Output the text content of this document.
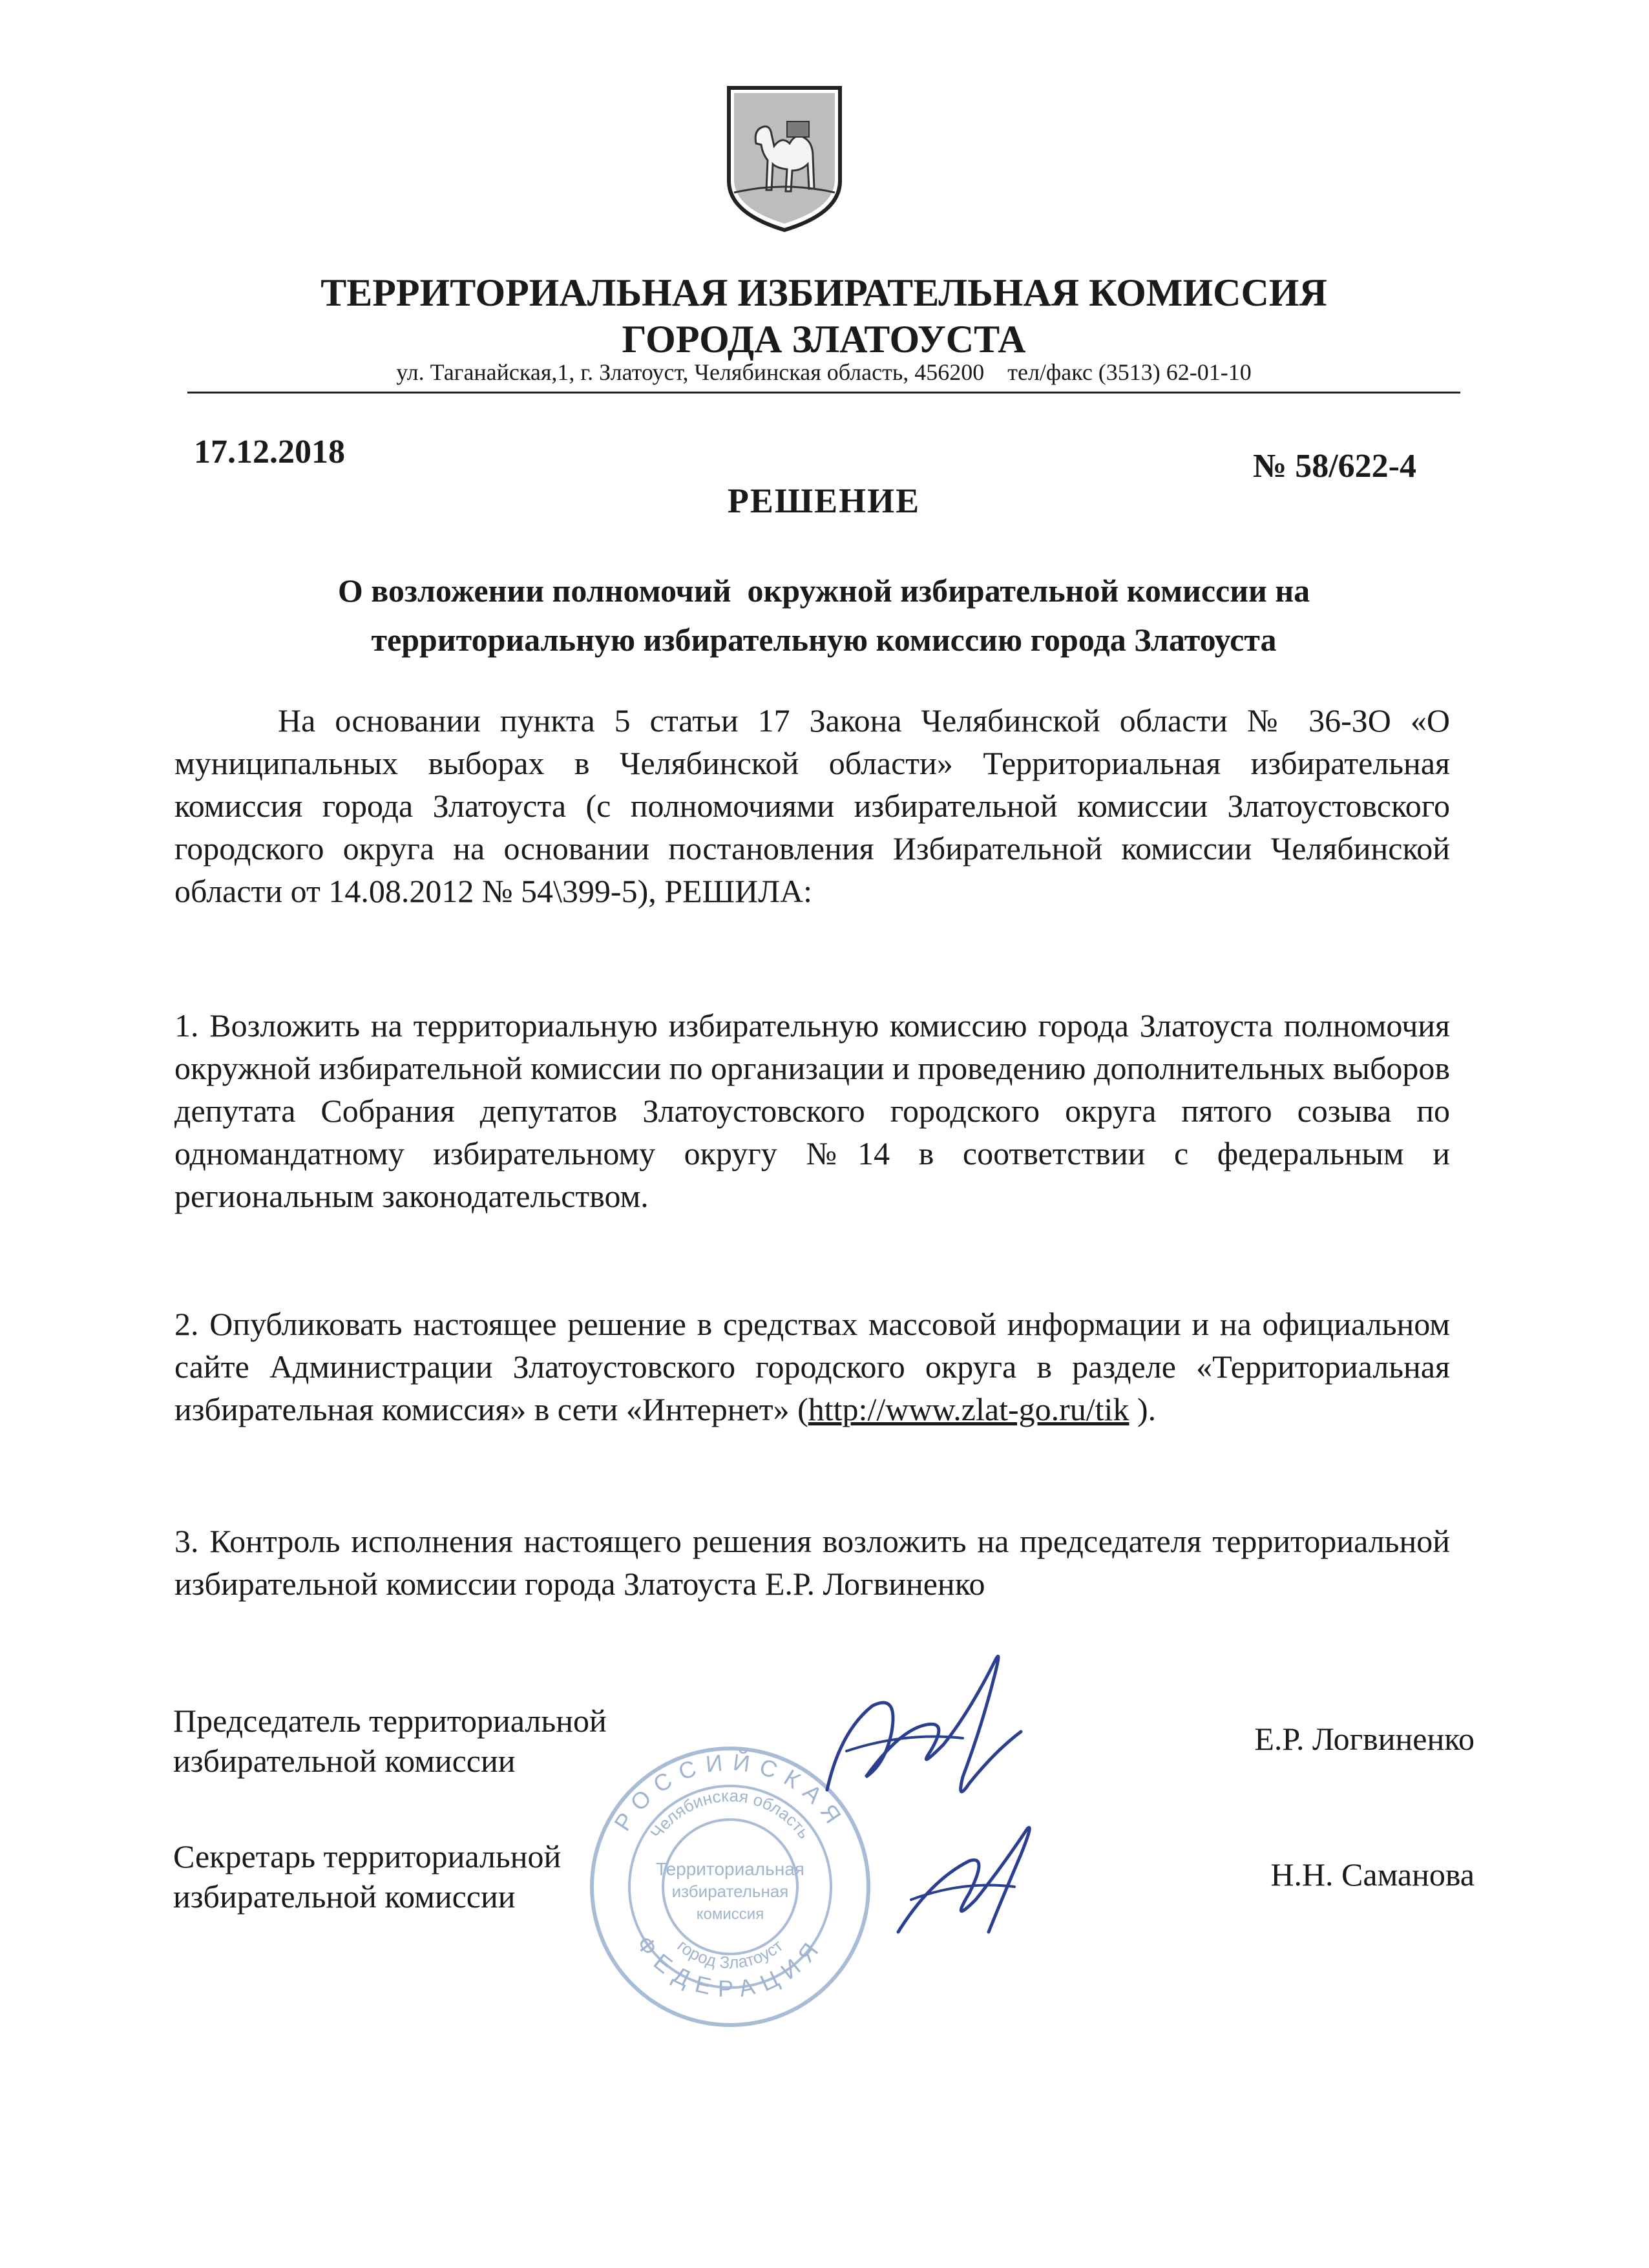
ТЕРРИТОРИАЛЬНАЯ ИЗБИРАТЕЛЬНАЯ КОМИССИЯ
ГОРОДА ЗЛАТОУСТА
ул. Таганайская,1, г. Златоуст, Челябинская область, 456200    тел/факс (3513) 62-01-10
17.12.2018	№ 58/622-4
РЕШЕНИЕ
О возложении полномочий  окружной избирательной комиссии на
территориальную избирательную комиссию города Златоуста

На основании пункта 5 статьи 17 Закона Челябинской области № 36-ЗО «О муниципальных выборах в Челябинской области» Территориальная избирательная комиссия города Златоуста (с полномочиями избирательной комиссии Златоустовского городского округа на основании постановления Избирательной комиссии Челябинской области от 14.08.2012 № 54\399-5), РЕШИЛА:

1. Возложить на территориальную избирательную комиссию города Златоуста полномочия окружной избирательной комиссии по организации и проведению дополнительных выборов депутата Собрания депутатов Златоустовского городского округа пятого созыва по одномандатному избирательному округу №14 в соответствии с федеральным и региональным законодательством.

2. Опубликовать настоящее решение в средствах массовой информации и на официальном сайте Администрации Златоустовского городского округа в разделе «Территориальная избирательная комиссия» в сети «Интернет» (http://www.zlat-go.ru/tik ).

3. Контроль исполнения настоящего решения возложить на председателя территориальной избирательной комиссии города Златоуста Е.Р. Логвиненко

РОССИЙСКАЯ
ФЕДЕРАЦИЯ
Челябинская область
город Златоуст
Территориальная
избирательная
комиссия
Председатель территориальной
избирательной комиссии
Е.Р. Логвиненко
Секретарь территориальной
избирательной комиссии
Н.Н. Саманова
